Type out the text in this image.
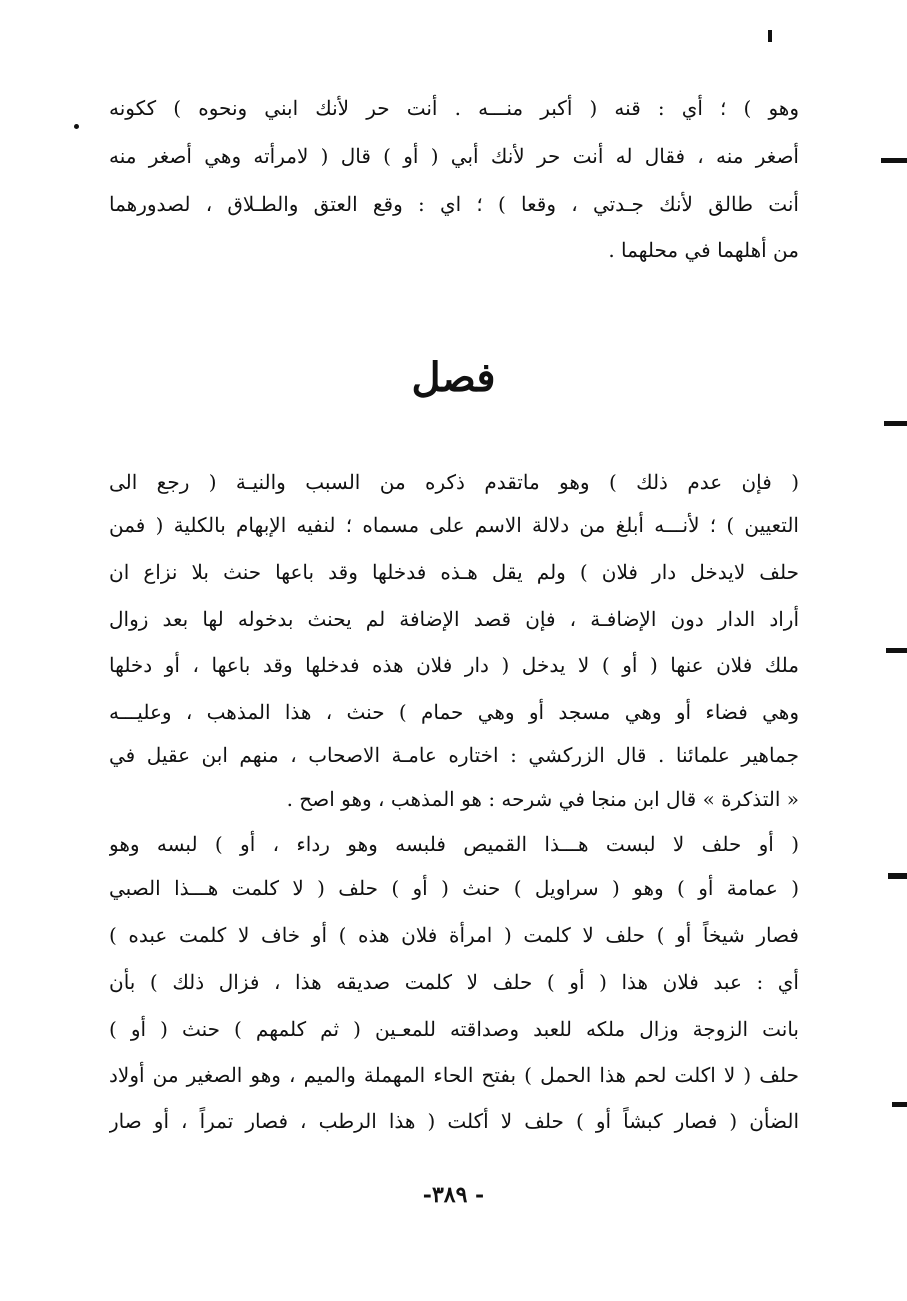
وهو ) ؛ أي : قنه ( أكبر منـــه . أنت حر لأنك ابني ونحوه ) ككونه
أصغر منه ، فقال له أنت حر لأنك أبي ( أو ) قال ( لامرأته وهي أصغر منه
أنت طالق لأنك جـدتي ، وقعا ) ؛ اي : وقع العتق والطـلاق ، لصدورهما
من أهلهما في محلهما .
فصل
( فإن عدم ذلك ) وهو ماتقدم ذكره من السبب والنيـة ( رجع الى
التعيين ) ؛ لأنـــه أبلغ من دلالة الاسم على مسماه ؛ لنفيه الإبهام بالكلية ( فمن
حلف لايدخل دار فلان ) ولم يقل هـذه فدخلها وقد باعها حنث بلا نزاع ان
أراد الدار دون الإضافـة ، فإن قصد الإضافة لم يحنث بدخوله لها بعد زوال
ملك فلان عنها ( أو ) لا يدخل ( دار فلان هذه فدخلها وقد باعها ، أو دخلها
وهي فضاء أو وهي مسجد أو وهي حمام ) حنث ، هذا المذهب ، وعليـــه
جماهير علمائنا . قال الزركشي : اختاره عامـة الاصحاب ، منهم ابن عقيل في
« التذكرة » قال ابن منجا في شرحه : هو المذهب ، وهو اصح .
( أو حلف لا لبست هـــذا القميص فلبسه وهو رداء ، أو ) لبسه وهو
( عمامة أو ) وهو ( سراويل ) حنث ( أو ) حلف ( لا كلمت هـــذا الصبي
فصار شيخاً أو ) حلف لا كلمت ( امرأة فلان هذه ) أو خاف لا كلمت عبده )
أي : عبد فلان هذا ( أو ) حلف لا كلمت صديقه هذا ، فزال ذلك ) بأن
بانت الزوجة وزال ملكه للعبد وصداقته للمعـين ( ثم كلمهم ) حنث ( أو )
حلف ( لا اكلت لحم هذا الحمل ) بفتح الحاء المهملة والميم ، وهو الصغير من أولاد
الضأن ( فصار كبشاً أو ) حلف لا أكلت ( هذا الرطب ، فصار تمراً ، أو صار
-٣٨٩ -
